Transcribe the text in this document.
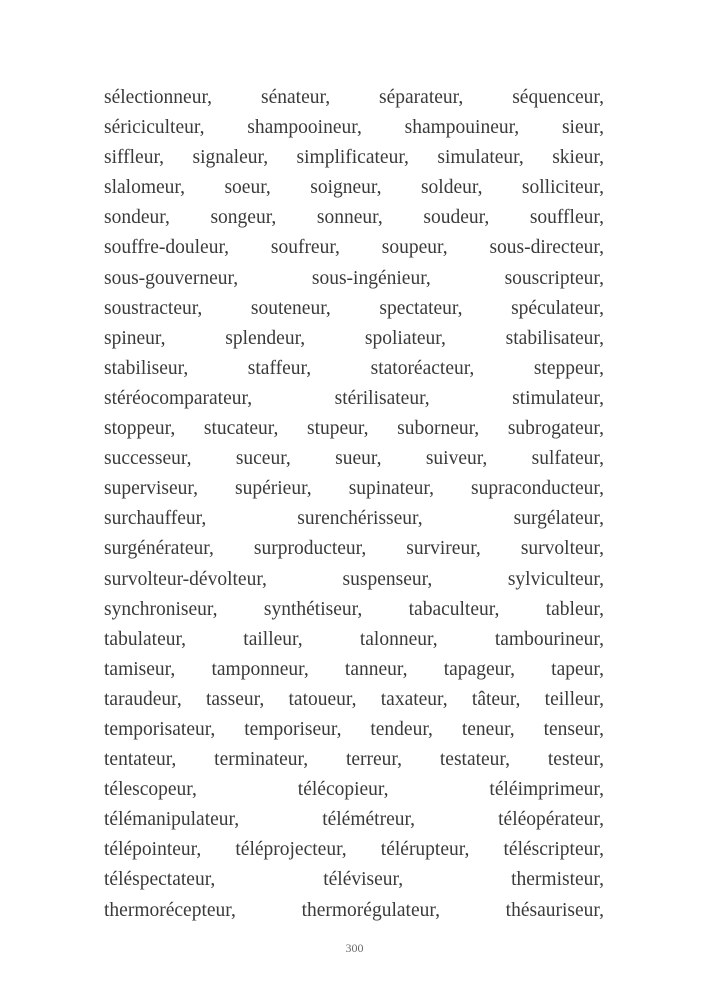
sélectionneur,	sénateur,	séparateur,	séquenceur,
sériciculteur, shampooineur, shampouineur, sieur,
siffleur, signaleur, simplificateur, simulateur, skieur,
slalomeur, soeur, soigneur, soldeur, solliciteur,
sondeur, songeur, sonneur, soudeur, souffleur,
souffre-douleur, soufreur, soupeur, sous-directeur,
sous-gouverneur,	sous-ingénieur,	souscripteur,
soustracteur, souteneur, spectateur, spéculateur,
spineur,	splendeur,	spoliateur,	stabilisateur,
stabiliseur,	staffeur,	statoréacteur,	steppeur,
stéréocomparateur,	stérilisateur,	stimulateur,
stoppeur, stucateur, stupeur, suborneur, subrogateur,
successeur, suceur, sueur, suiveur, sulfateur,
superviseur, supérieur, supinateur, supraconducteur,
surchauffeur,	surenchérisseur,	surgélateur,
surgénérateur, surproducteur, survireur, survolteur,
survolteur-dévolteur,	suspenseur,	sylviculteur,
synchroniseur, synthétiseur, tabaculteur, tableur,
tabulateur,	tailleur,	talonneur,	tambourineur,
tamiseur, tamponneur, tanneur, tapageur, tapeur,
taraudeur, tasseur, tatoueur, taxateur, tâteur, teilleur,
temporisateur, temporiseur, tendeur, teneur, tenseur,
tentateur, terminateur, terreur, testateur, testeur,
télescopeur,	télécopieur,	téléimprimeur,
télémanipulateur,	télémétreur,	téléopérateur,
télépointeur, téléprojecteur, télérupteur, téléscripteur,
téléspectateur,	téléviseur,	thermisteur,
thermorécepteur,	thermorégulateur,	thésauriseur,
300
